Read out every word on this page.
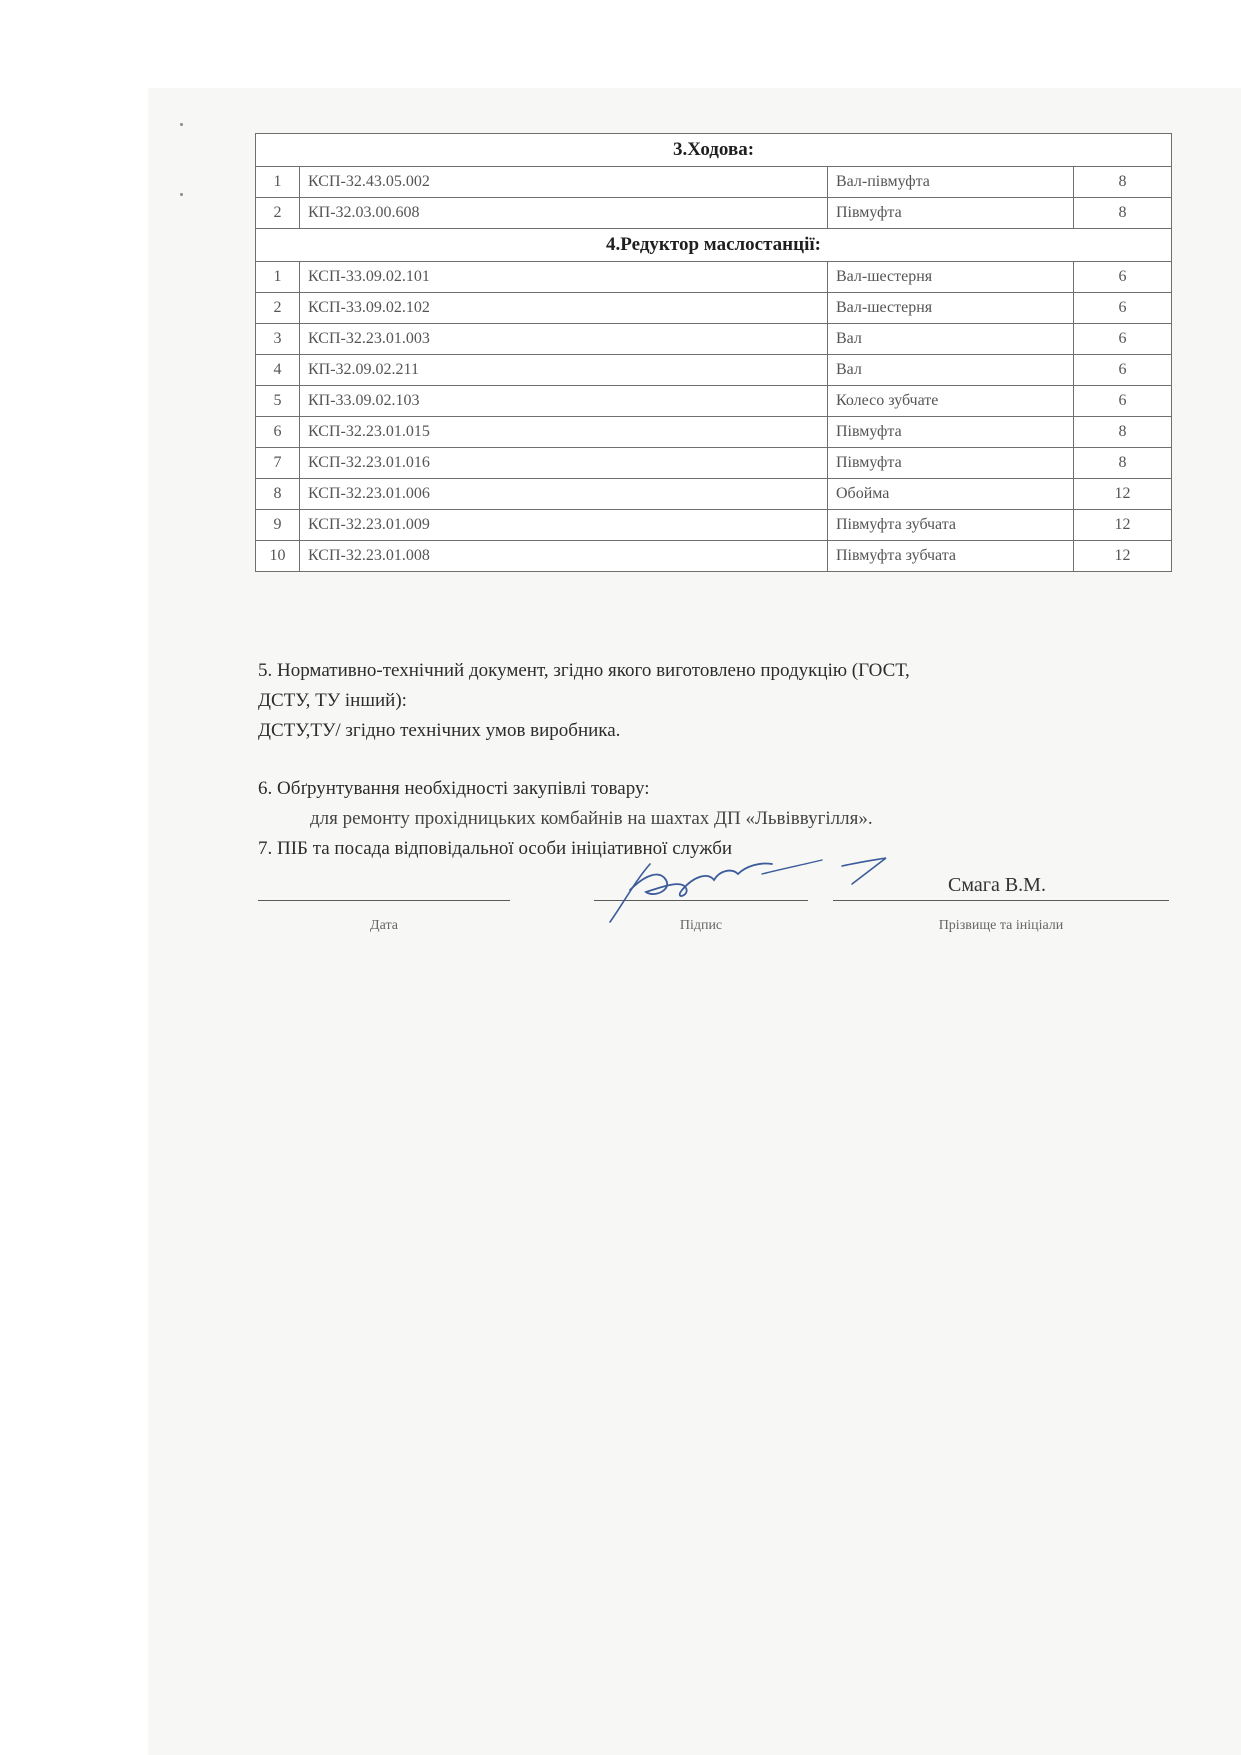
3.Ходова:			
1	КСП-32.43.05.002	Вал-півмуфта	8
2	КП-32.03.00.608	Півмуфта	8
4.Редуктор маслостанції:			
1	КСП-33.09.02.101	Вал-шестерня	6
2	КСП-33.09.02.102	Вал-шестерня	6
3	КСП-32.23.01.003	Вал	6
4	КП-32.09.02.211	Вал	6
5	КП-33.09.02.103	Колесо зубчате	6
6	КСП-32.23.01.015	Півмуфта	8
7	КСП-32.23.01.016	Півмуфта	8
8	КСП-32.23.01.006	Обойма	12
9	КСП-32.23.01.009	Півмуфта зубчата	12
10	КСП-32.23.01.008	Півмуфта зубчата	12
5. Нормативно-технічний документ, згідно якого виготовлено продукцію (ГОСТ,
ДСТУ, ТУ інший):
ДСТУ,ТУ/ згідно технічних умов виробника.
6. Обґрунтування необхідності закупівлі товару:
для ремонту прохідницьких комбайнів на шахтах ДП «Львіввугілля».
7. ПІБ та посада відповідальної особи ініціативної служби
Смага В.М.
Дата	Підпис	Прізвище та ініціали
